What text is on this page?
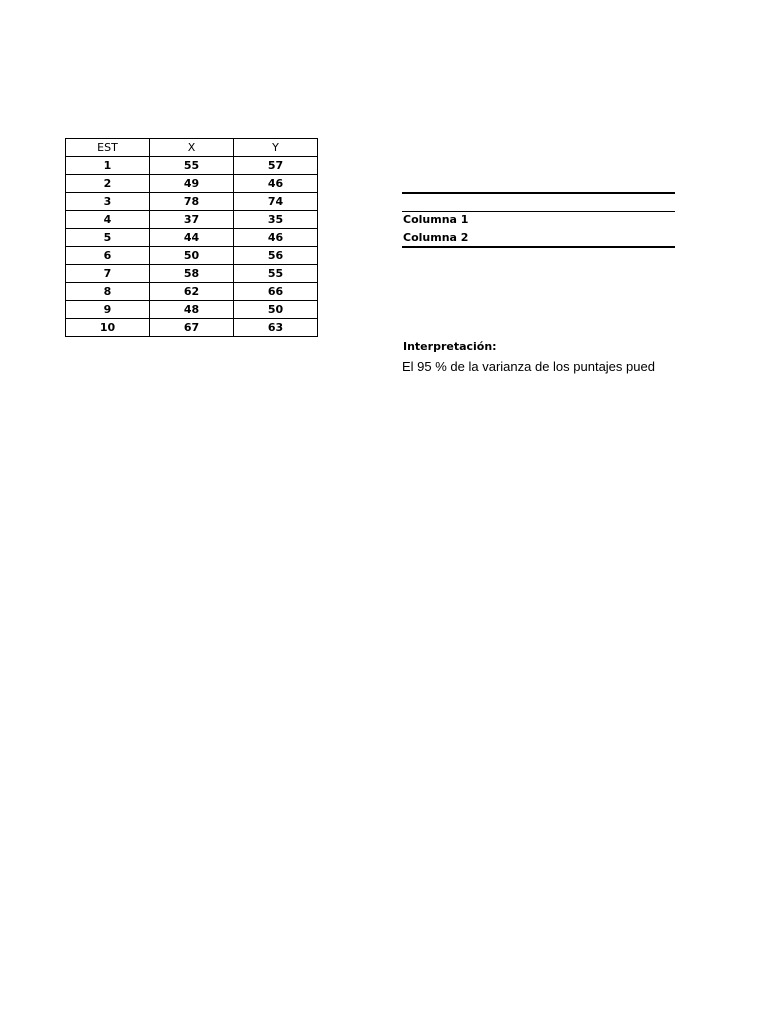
EST	X	Y
1	55	57
2	49	46
3	78	74
4	37	35
5	44	46
6	50	56
7	58	55
8	62	66
9	48	50
10	67	63
Columna 1
Columna 2
Interpretación:
El 95 % de la varianza de los puntajes pued
